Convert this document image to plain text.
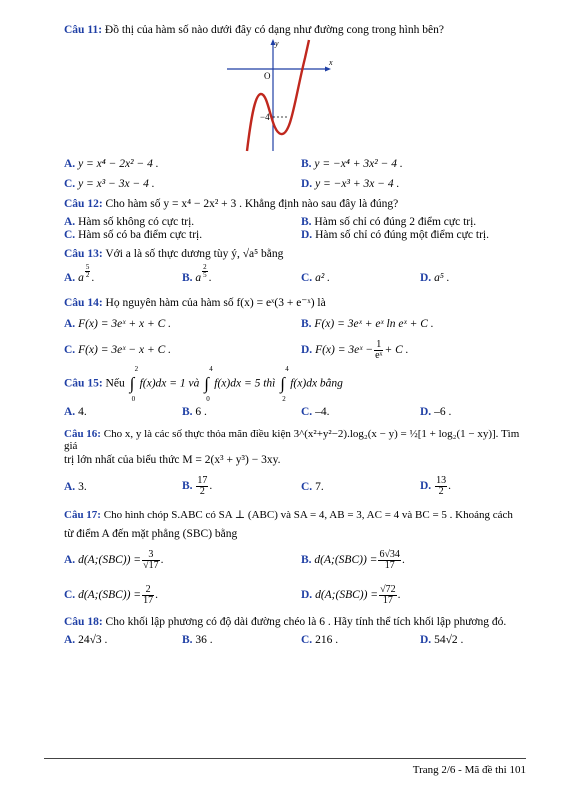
Câu 11: Đồ thị của hàm số nào dưới đây có dạng như đường cong trong hình bên?
y
x
O
−4
A. y = x⁴ − 2x² − 4 .	B. y = −x⁴ + 3x² − 4 .
C. y = x³ − 3x − 4 .	D. y = −x³ + 3x − 4 .
Câu 12: Cho hàm số y = x⁴ − 2x² + 3 . Khẳng định nào sau đây là đúng?
A. Hàm số không có cực trị.	B. Hàm số chỉ có đúng 2 điểm cực trị.
C. Hàm số có ba điểm cực trị.	D. Hàm số chỉ có đúng một điểm cực trị.
Câu 13: Với a là số thực dương tùy ý, √a⁵ bằng
A. a $\frac{5}{2}$ .	B. a $\frac{2}{5}$ .	C. a² .	D. a⁵ .
Câu 14: Họ nguyên hàm của hàm số f(x) = eˣ(3 + e⁻ˣ) là
A. F(x) = 3eˣ + x + C .	B. F(x) = 3eˣ + eˣ ln eˣ + C .
C. F(x) = 3eˣ − x + C .	D. F(x) = 3eˣ − $\frac{1}{\text{eˣ}} + C$ .
Câu 15: Nếu ∫
2
0
f(x)dx = 1 và ∫
4
0
f(x)dx = 5 thì ∫
4
2
f(x)dx bằng
A. 4.	B. 6 .	C. –4.	D. –6 .
Câu 16: Cho x, y là các số thực thỏa mãn điều kiện 3^(x²+y²−2).log₂(x − y) = ½[1 + log₂(1 − xy)]. Tìm giá
trị lớn nhất của biểu thức M = 2(x³ + y³) − 3xy.
A. 3.	B. $\frac{17}{2}$ .	C. 7.	D. $\frac{13}{2}$ .
Câu 17: Cho hình chóp S.ABC có SA ⊥ (ABC) và SA = 4, AB = 3, AC = 4 và BC = 5 . Khoảng cách
từ điểm A đến mặt phẳng (SBC) bằng
A. d(A;(SBC)) = $\frac{3}{√17}$ .	B. d(A;(SBC)) = $\frac{6√34}{17}$ .
C. d(A;(SBC)) = $\frac{2}{17}$ .	D. d(A;(SBC)) = $\frac{√72}{17}$ .
Câu 18: Cho khối lập phương có độ dài đường chéo là 6 . Hãy tính thể tích khối lập phương đó.
A. 24√3 .	B. 36 .	C. 216 .	D. 54√2 .
Trang 2/6 - Mã đề thi 101
